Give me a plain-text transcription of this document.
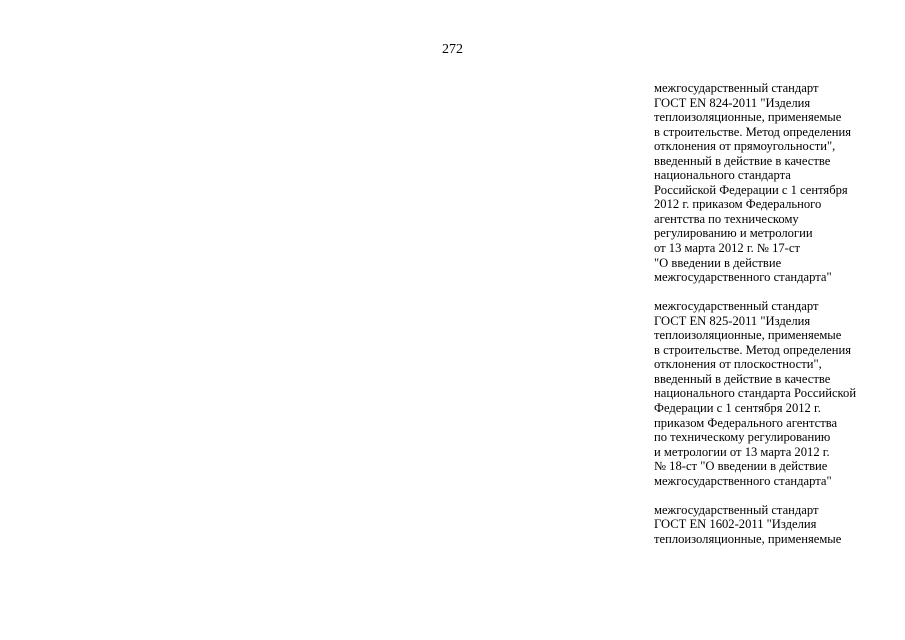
272
межгосударственный стандарт
ГОСТ EN 824-2011 "Изделия
теплоизоляционные, применяемые
в строительстве. Метод определения
отклонения от прямоугольности",
введенный в действие в качестве
национального стандарта
Российской Федерации с 1 сентября
2012 г. приказом Федерального
агентства по техническому
регулированию и метрологии
от 13 марта 2012 г. № 17-ст
"О введении в действие
межгосударственного стандарта"
межгосударственный стандарт
ГОСТ EN 825-2011 "Изделия
теплоизоляционные, применяемые
в строительстве. Метод определения
отклонения от плоскостности",
введенный в действие в качестве
национального стандарта Российской
Федерации с 1 сентября 2012 г.
приказом Федерального агентства
по техническому регулированию
и метрологии от 13 марта 2012 г.
№ 18-ст "О введении в действие
межгосударственного стандарта"
межгосударственный стандарт
ГОСТ EN 1602-2011 "Изделия
теплоизоляционные, применяемые
